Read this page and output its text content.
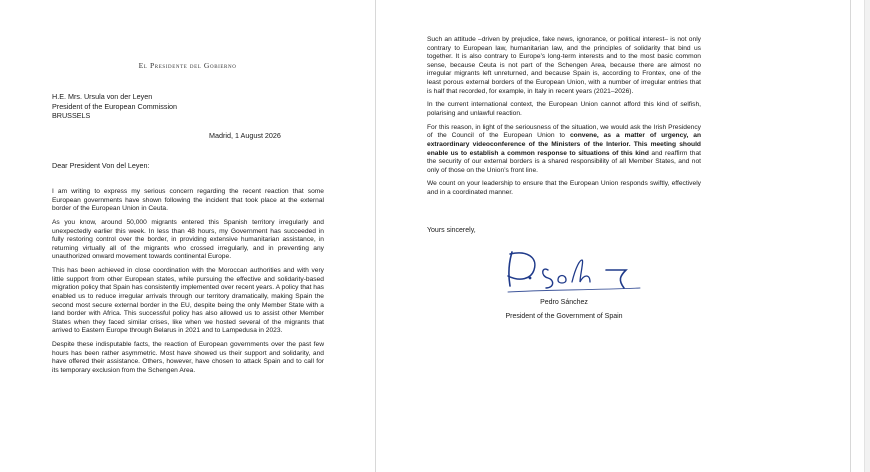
El Presidente del Gobierno
H.E. Mrs. Ursula von der Leyen
President of the European Commission
BRUSSELS
Madrid, 1 August 2026
Dear President Von del Leyen:

I am writing to express my serious concern regarding the recent reaction that some European governments have shown following the incident that took place at the external border of the European Union in Ceuta.

As you know, around 50,000 migrants entered this Spanish territory irregularly and unexpectedly earlier this week. In less than 48 hours, my Government has succeeded in fully restoring control over the border, in providing extensive humanitarian assistance, in returning virtually all of the migrants who crossed irregularly, and in preventing any unauthorized onward movement towards continental Europe.

This has been achieved in close coordination with the Moroccan authorities and with very little support from other European states, while pursuing the effective and solidarity-based migration policy that Spain has consistently implemented over recent years. A policy that has enabled us to reduce irregular arrivals through our territory dramatically, making Spain the second most secure external border in the EU, despite being the only Member State with a land border with Africa. This successful policy has also allowed us to assist other Member States when they faced similar crises, like when we hosted several of the migrants that arrived to Eastern Europe through Belarus in 2021 and to Lampedusa in 2023.

Despite these indisputable facts, the reaction of European governments over the past few hours has been rather asymmetric. Most have showed us their support and solidarity, and have offered their assistance. Others, however, have chosen to attack Spain and to call for its temporary exclusion from the Schengen Area.

Such an attitude –driven by prejudice, fake news, ignorance, or political interest– is not only contrary to European law, humanitarian law, and the principles of solidarity that bind us together. It is also contrary to Europe’s long-term interests and to the most basic common sense, because Ceuta is not part of the Schengen Area, because there are almost no irregular migrants left unreturned, and because Spain is, according to Frontex, one of the least porous external borders of the European Union, with a number of irregular entries that is half that recorded, for example, in Italy in recent years (2021–2026).

In the current international context, the European Union cannot afford this kind of selfish, polarising and unlawful reaction.

For this reason, in light of the seriousness of the situation, we would ask the Irish Presidency of the Council of the European Union to convene, as a matter of urgency, an extraordinary videoconference of the Ministers of the Interior. This meeting should enable us to establish a common response to situations of this kind and reaffirm that the security of our external borders is a shared responsibility of all Member States, and not only of those on the Union’s front line.

We count on your leadership to ensure that the European Union responds swiftly, effectively and in a coordinated manner.

Yours sincerely,
Pedro Sánchez
President of the Government of Spain
